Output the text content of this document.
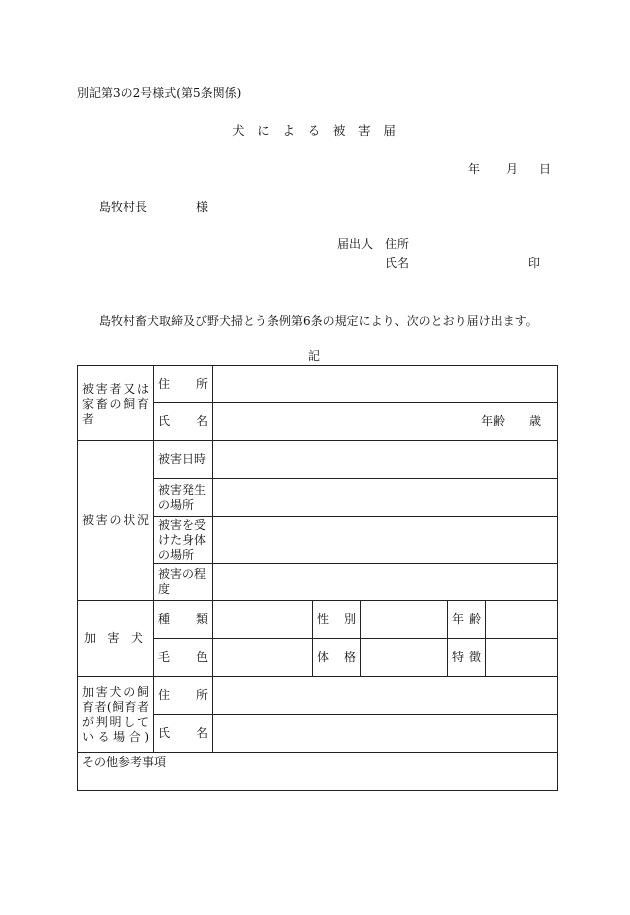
別記第3の2号様式(第5条関係)
犬 に よ る 被 害 届
年 月 日
島牧村長	様
届出人 住所
氏名	印
島牧村畜犬取締及び野犬掃とう条例第6条の規定により、次のとおり届け出ます。
記
被害者又は家畜の飼育者	住　所					
	氏　名	年齢　　歳				
被害の状況	被害日時					
	被害発生の場所					
	被害を受けた身体の場所					
	被害の程度					
加 害 犬	種　類		性　別		年 齢	
	毛　色		体　格		特 徴	
加害犬の飼育者(飼育者が判明している場合)	住　所					
	氏　名					
その他参考事項						
